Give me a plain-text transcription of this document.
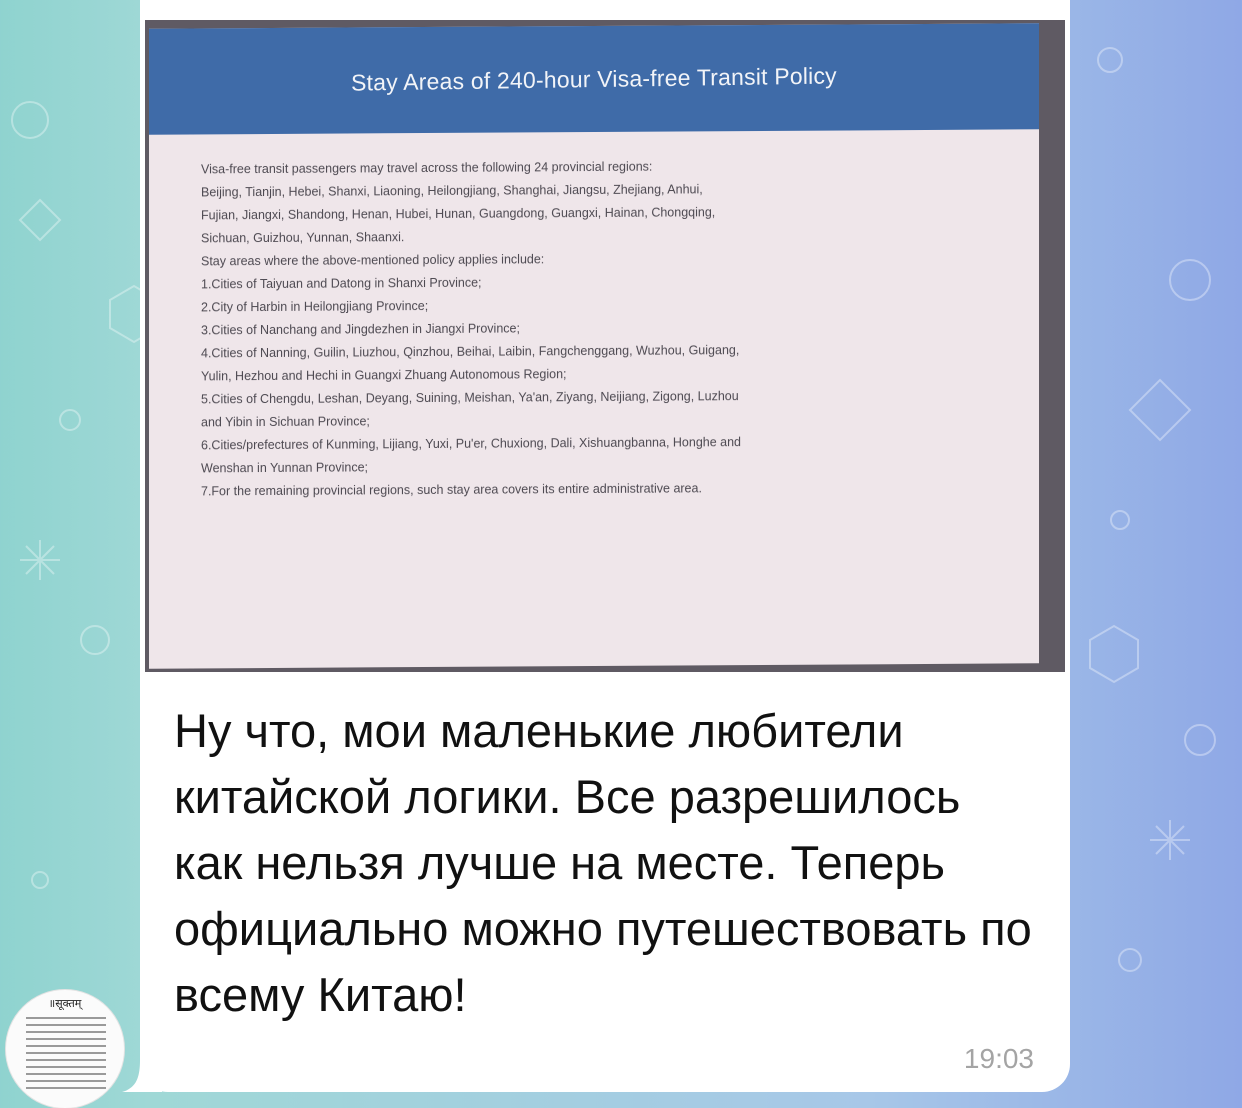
Stay Areas of 240-hour Visa-free Transit Policy
Visa-free transit passengers may travel across the following 24 provincial regions:
Beijing, Tianjin, Hebei, Shanxi, Liaoning, Heilongjiang, Shanghai, Jiangsu, Zhejiang, Anhui,
Fujian, Jiangxi, Shandong, Henan, Hubei, Hunan, Guangdong, Guangxi, Hainan, Chongqing,
Sichuan, Guizhou, Yunnan, Shaanxi.
Stay areas where the above-mentioned policy applies include:
1.Cities of Taiyuan and Datong in Shanxi Province;
2.City of Harbin in Heilongjiang Province;
3.Cities of Nanchang and Jingdezhen in Jiangxi Province;
4.Cities of Nanning, Guilin, Liuzhou, Qinzhou, Beihai, Laibin, Fangchenggang, Wuzhou, Guigang,
Yulin, Hezhou and Hechi in Guangxi Zhuang Autonomous Region;
5.Cities of Chengdu, Leshan, Deyang, Suining, Meishan, Ya'an, Ziyang, Neijiang, Zigong, Luzhou
and Yibin in Sichuan Province;
6.Cities/prefectures of Kunming, Lijiang, Yuxi, Pu'er, Chuxiong, Dali, Xishuangbanna, Honghe and
Wenshan in Yunnan Province;
7.For the remaining provincial regions, such stay area covers its entire administrative area.
Ну что, мои маленькие любители китайской логики. Все разрешилось как нельзя лучше на месте. Теперь официально можно путешествовать по всему Китаю!
19:03
॥सूक्तम्
